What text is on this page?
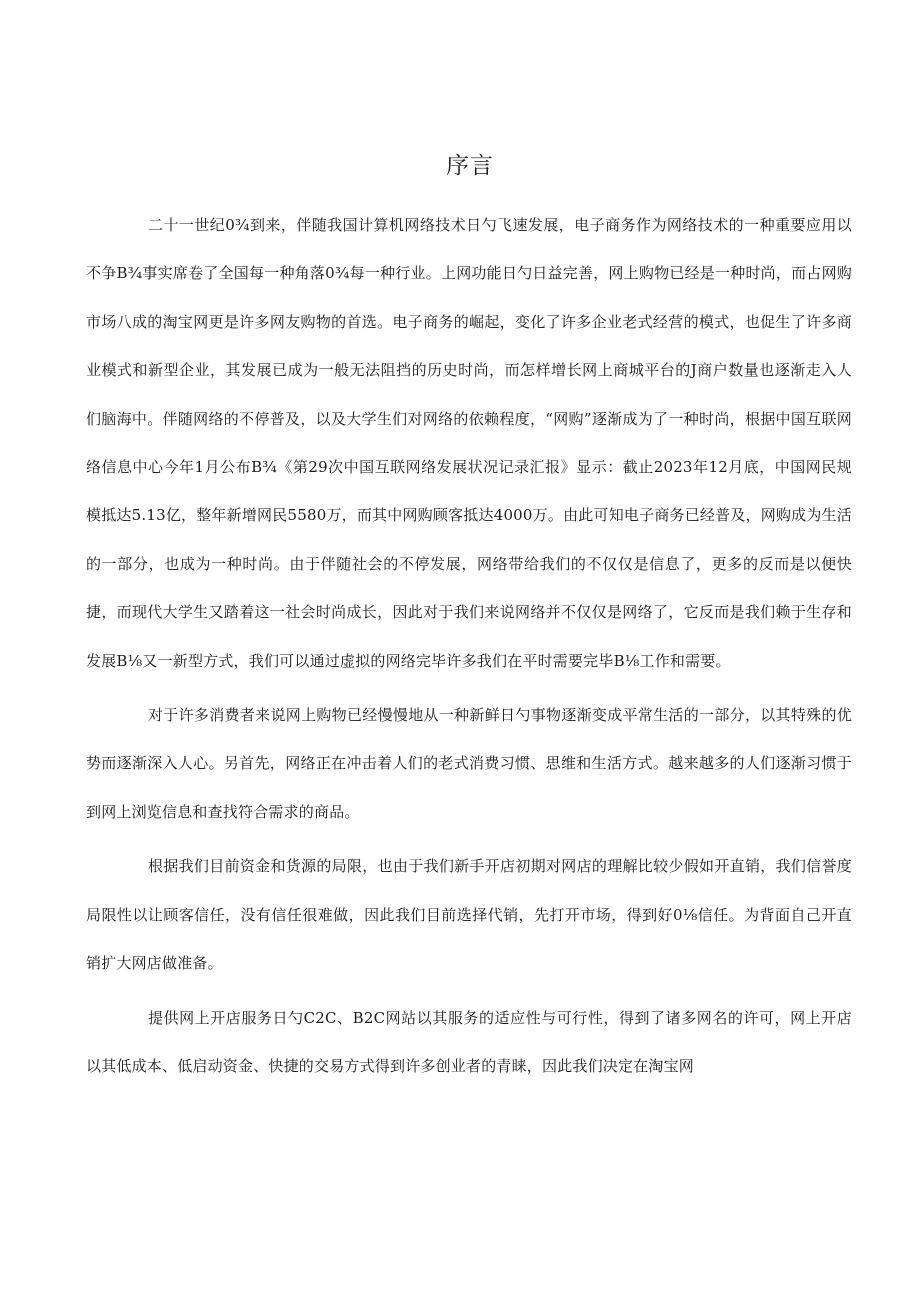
序言

二十一世纪0¾到来，伴随我国计算机网络技术日勺飞速发展，电子商务作为网络技术的一种重要应用以不争B¾事实席卷了全国每一种角落0¾每一种行业。上网功能日勺日益完善，网上购物已经是一种时尚，而占网购市场八成的淘宝网更是许多网友购物的首选。电子商务的崛起，变化了许多企业老式经营的模式，也促生了许多商业模式和新型企业，其发展已成为一般无法阻挡的历史时尚，而怎样增长网上商城平台的J商户数量也逐渐走入人们脑海中。伴随网络的不停普及，以及大学生们对网络的依赖程度，“网购”逐渐成为了一种时尚，根据中国互联网络信息中心今年1月公布B¾《第29次中国互联网络发展状况记录汇报》显示：截止2023年12月底，中国网民规模抵达5.13亿，整年新增网民5580万，而其中网购顾客抵达4000万。由此可知电子商务已经普及，网购成为生活的一部分，也成为一种时尚。由于伴随社会的不停发展，网络带给我们的不仅仅是信息了，更多的反而是以便快捷，而现代大学生又踏着这一社会时尚成长，因此对于我们来说网络并不仅仅是网络了，它反而是我们赖于生存和发展B⅛又一新型方式，我们可以通过虚拟的网络完毕许多我们在平时需要完毕B⅛工作和需要。

对于许多消费者来说网上购物已经慢慢地从一种新鲜日勺事物逐渐变成平常生活的一部分，以其特殊的优势而逐渐深入人心。另首先，网络正在冲击着人们的老式消费习惯、思维和生活方式。越来越多的人们逐渐习惯于到网上浏览信息和查找符合需求的商品。

根据我们目前资金和货源的局限，也由于我们新手开店初期对网店的理解比较少假如开直销，我们信誉度局限性以让顾客信任，没有信任很难做，因此我们目前选择代销，先打开市场，得到好0⅛信任。为背面自己开直销扩大网店做准备。

提供网上开店服务日勺C2C、B2C网站以其服务的适应性与可行性，得到了诸多网名的许可，网上开店以其低成本、低启动资金、快捷的交易方式得到许多创业者的青睐，因此我们决定在淘宝网
